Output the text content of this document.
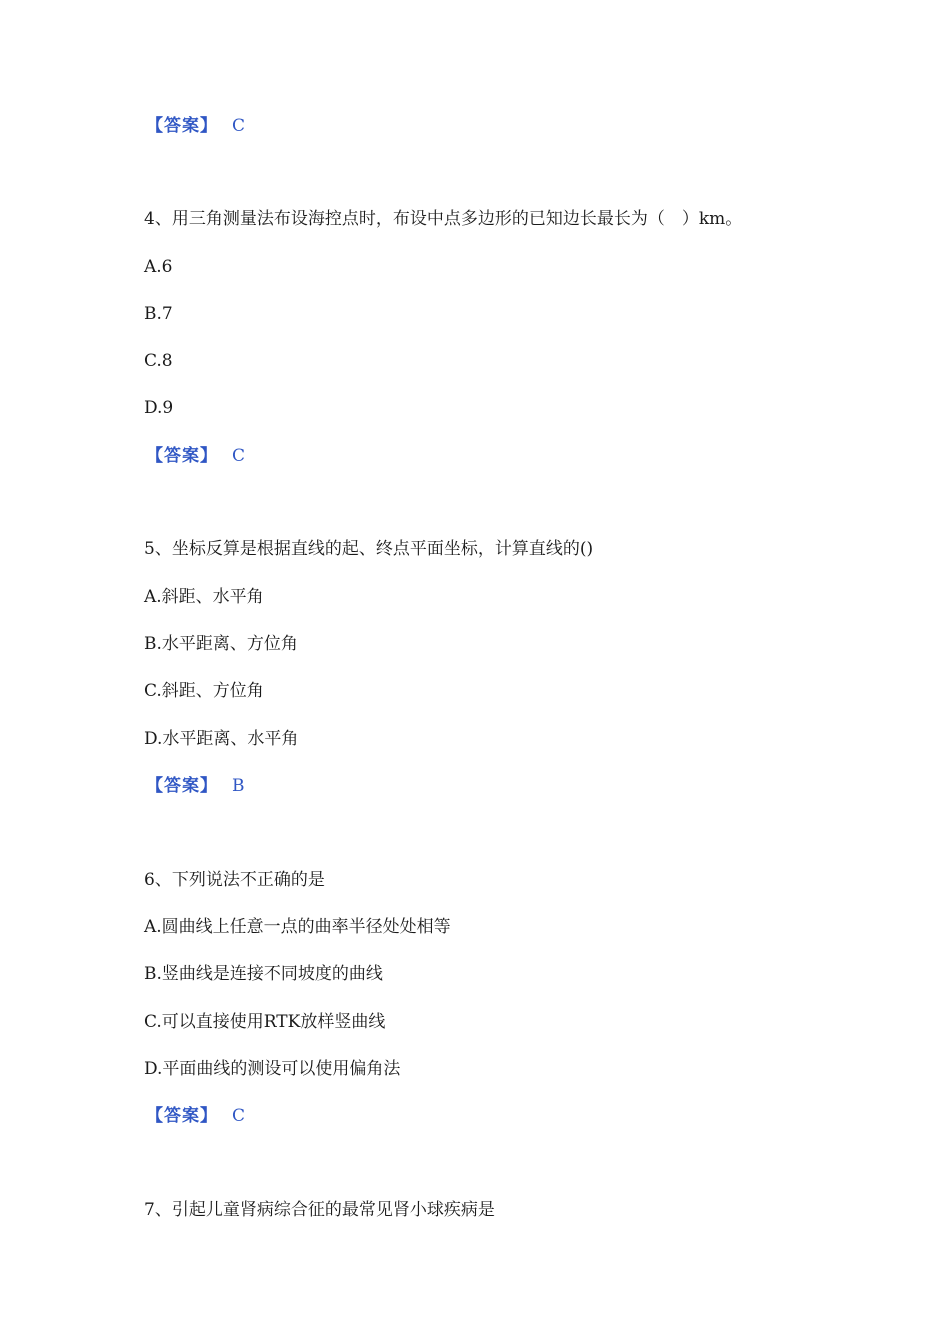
【答案】 C
4、用三角测量法布设海控点时，布设中点多边形的已知边长最长为（　）km。
A.6
B.7
C.8
D.9
【答案】 C
5、坐标反算是根据直线的起、终点平面坐标，计算直线的()
A.斜距、水平角
B.水平距离、方位角
C.斜距、方位角
D.水平距离、水平角
【答案】 B
6、下列说法不正确的是
A.圆曲线上任意一点的曲率半径处处相等
B.竖曲线是连接不同坡度的曲线
C.可以直接使用RTK放样竖曲线
D.平面曲线的测设可以使用偏角法
【答案】 C
7、引起儿童肾病综合征的最常见肾小球疾病是
